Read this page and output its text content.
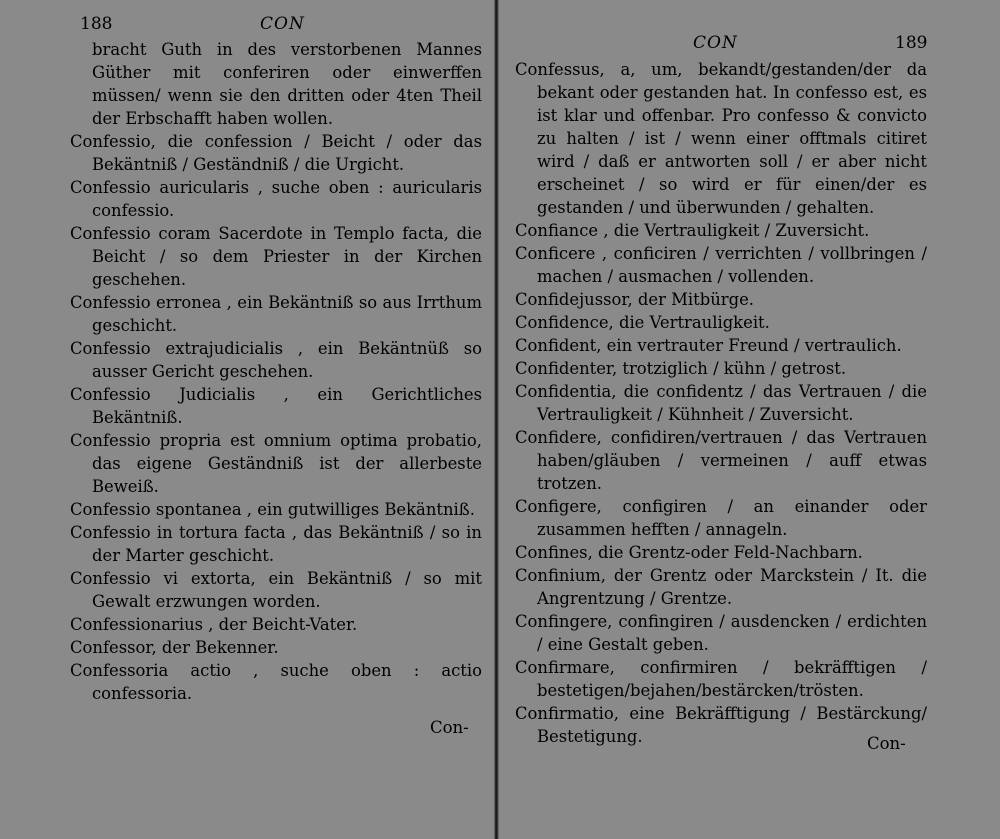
188	CON

bracht Guth in des verstorbenen Mannes Güther mit conferiren oder einwerffen müssen/ wenn sie den dritten oder 4ten Theil der Erbschafft haben wollen.

Confessio, die confession / Beicht / oder das Bekäntniß / Geständniß / die Urgicht.

Confessio auricularis , suche oben : auricularis confessio.

Confessio coram Sacerdote in Templo facta, die Beicht / so dem Priester in der Kirchen geschehen.

Confessio erronea , ein Bekäntniß so aus Irrthum geschicht.

Confessio extrajudicialis , ein Bekäntnüß so ausser Gericht geschehen.

Confessio Judicialis , ein Gerichtliches Bekäntniß.

Confessio propria est omnium optima probatio, das eigene Geständniß ist der allerbeste Beweiß.

Confessio spontanea , ein gutwilliges Bekäntniß.

Confessio in tortura facta , das Bekäntniß / so in der Marter geschicht.

Confessio vi extorta, ein Bekäntniß / so mit Gewalt erzwungen worden.

Confessionarius , der Beicht-Vater.

Confessor, der Bekenner.

Confessoria actio , suche oben : actio confessoria.

Con-
CON	189

Confessus, a, um, bekandt/gestanden/der da bekant oder gestanden hat. In confesso est, es ist klar und offenbar. Pro confesso & convicto zu halten / ist / wenn einer offtmals citiret wird / daß er antworten soll / er aber nicht erscheinet / so wird er für einen/der es gestanden / und überwunden / gehalten.

Confiance , die Vertrauligkeit / Zuversicht.

Conficere , conficiren / verrichten / vollbringen / machen / ausmachen / vollenden.

Confidejussor, der Mitbürge.

Confidence, die Vertrauligkeit.

Confident, ein vertrauter Freund / vertraulich.

Confidenter, trotziglich / kühn / getrost.

Confidentia, die confidentz / das Vertrauen / die Vertrauligkeit / Kühnheit / Zuversicht.

Confidere, confidiren/vertrauen / das Vertrauen haben/gläuben / vermeinen / auff etwas trotzen.

Configere, configiren / an einander oder zusammen hefften / annageln.

Confines, die Grentz-oder Feld-Nachbarn.

Confinium, der Grentz oder Marckstein / It. die Angrentzung / Grentze.

Confingere, confingiren / ausdencken / erdichten / eine Gestalt geben.

Confirmare, confirmiren / bekräfftigen / bestetigen/bejahen/bestärcken/trösten.

Confirmatio, eine Bekräfftigung / Bestärckung/ Bestetigung.	Con-
